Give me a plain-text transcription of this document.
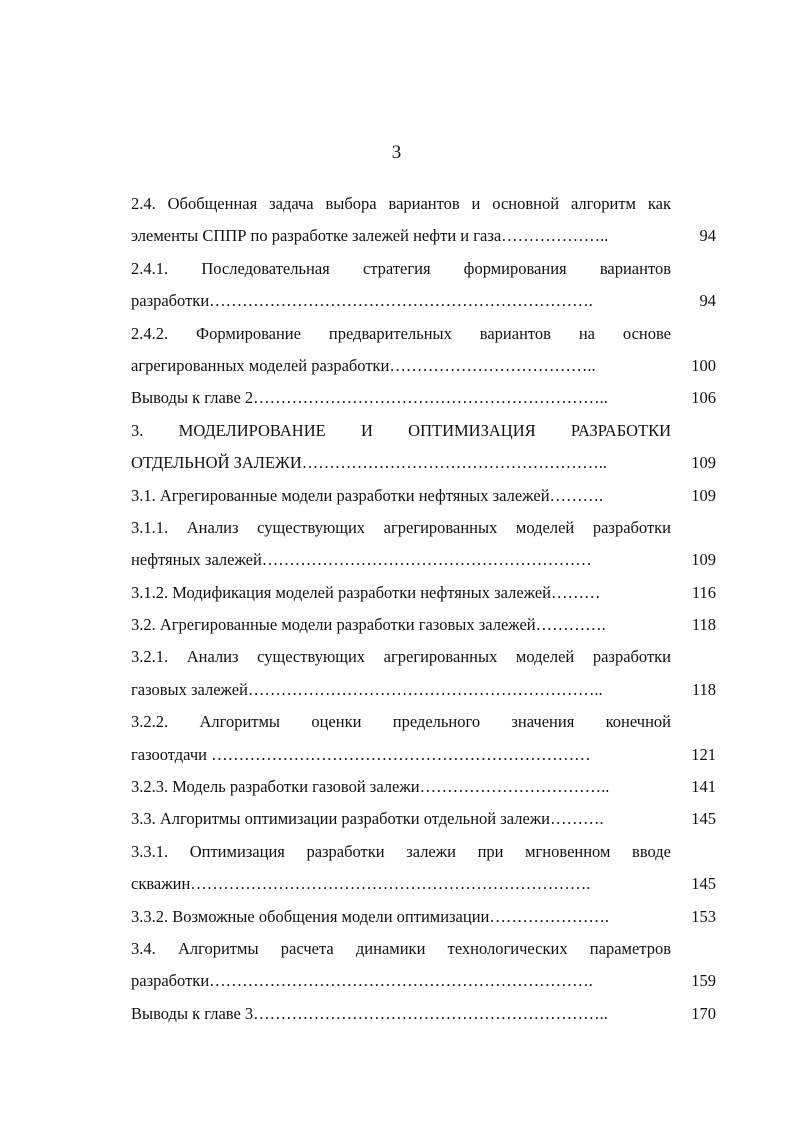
3
2.4. Обобщенная задача выбора вариантов и основной алгоритм как
элементы СППР по разработке залежей нефти и газа………………..	94
2.4.1. Последовательная стратегия формирования вариантов
разработки…………………………………………………………….	94
2.4.2. Формирование предварительных вариантов на основе
агрегированных моделей разработки………………………………..	100
Выводы к главе 2………………………………………………………..	106
3. МОДЕЛИРОВАНИЕ И ОПТИМИЗАЦИЯ РАЗРАБОТКИ
ОТДЕЛЬНОЙ ЗАЛЕЖИ………………………………………………..	109
3.1. Агрегированные модели разработки нефтяных залежей……….	109
3.1.1. Анализ существующих агрегированных моделей разработки
нефтяных залежей……………………………………………………	109
3.1.2. Модификация моделей разработки нефтяных залежей………	116
3.2. Агрегированные модели разработки газовых залежей………….	118
3.2.1. Анализ существующих агрегированных моделей разработки
газовых залежей………………………………………………………..	118
3.2.2. Алгоритмы оценки предельного значения конечной
газоотдачи ……………………………………………………………	121
3.2.3. Модель разработки газовой залежи……………………………..	141
3.3. Алгоритмы оптимизации разработки отдельной залежи……….	145
3.3.1. Оптимизация разработки залежи при мгновенном вводе
скважин……………………………………………………………….	145
3.3.2. Возможные обобщения модели оптимизации………………….	153
3.4. Алгоритмы расчета динамики технологических параметров
разработки…………………………………………………………….	159
Выводы к главе 3………………………………………………………..	170
